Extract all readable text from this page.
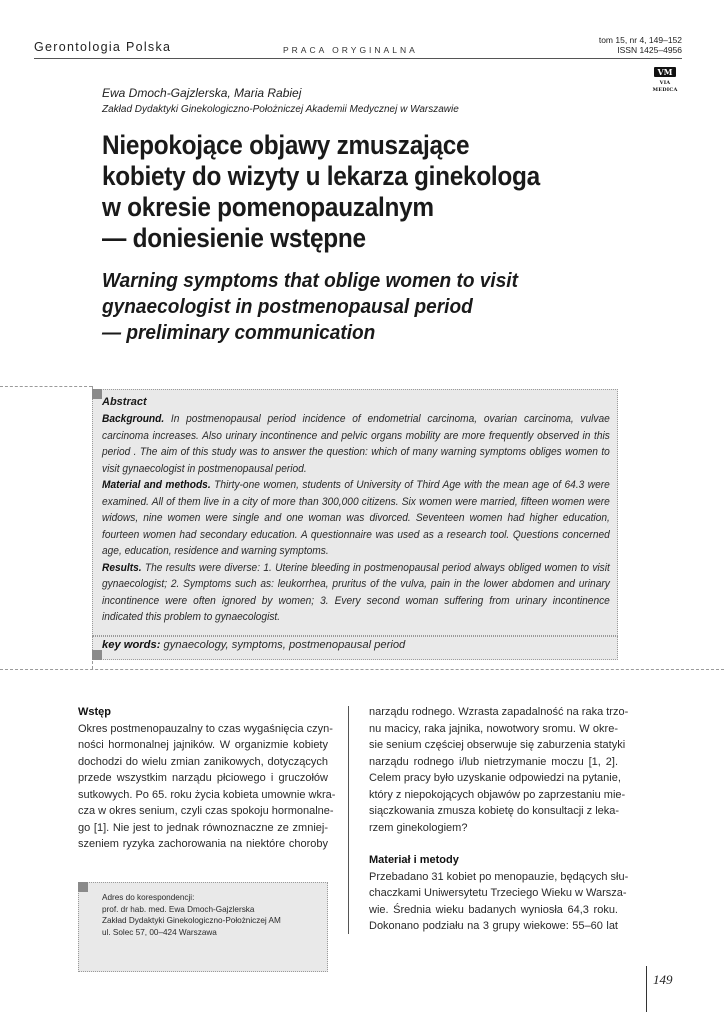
Gerontologia Polska	PRACA ORYGINALNA
tom 15, nr 4, 149–152
ISSN 1425–4956
VM
VIA MEDICA
Ewa Dmoch-Gajzlerska, Maria Rabiej
Zakład Dydaktyki Ginekologiczno-Położniczej Akademii Medycznej w Warszawie
Niepokojące objawy zmuszające
kobiety do wizyty u lekarza ginekologa
w okresie pomenopauzalnym
— doniesienie wstępne
Warning symptoms that oblige women to visit
gynaecologist in postmenopausal period
— preliminary communication
Abstract

Background. In postmenopausal period incidence of endometrial carcinoma, ovarian carcinoma, vulvae carcinoma increases. Also urinary incontinence and pelvic organs mobility are more frequently observed in this period . The aim of this study was to answer the question: which of many warning symptoms obliges women to visit gynaecologist in postmenopausal period.

Material and methods. Thirty-one women, students of University of Third Age with the mean age of 64.3 were examined. All of them live in a city of more than 300,000 citizens. Six women were married, fifteen women were widows, nine women were single and one woman was divorced. Seventeen women had higher education, fourteen women had secondary education. A questionnaire was used as a research tool. Questions concerned age, education, residence and warning symptoms.

Results. The results were diverse: 1. Uterine bleeding in postmenopausal period always obliged women to visit gynaecologist; 2. Symptoms such as: leukorrhea, pruritus of the vulva, pain in the lower abdomen and urinary incontinence were often ignored by women; 3. Every second woman suffering from urinary incontinence indicated this problem to gynaecologist.

key words: gynaecology, symptoms, postmenopausal period
Wstęp
Okres postmenopauzalny to czas wygaśnięcia czyn-
ności hormonalnej jajników. W organizmie kobiety
dochodzi do wielu zmian zanikowych, dotyczących
przede wszystkim narządu płciowego i gruczołów
sutkowych. Po 65. roku życia kobieta umownie wkra-
cza w okres senium, czyli czas spokoju hormonalne-
go [1]. Nie jest to jednak równoznaczne ze zmniej-
szeniem ryzyka zachorowania na niektóre choroby
narządu rodnego. Wzrasta zapadalność na raka trzo-
nu macicy, raka jajnika, nowotwory sromu. W okre-
sie senium częściej obserwuje się zaburzenia statyki
narządu rodnego i/lub nietrzymanie moczu [1, 2].
Celem pracy było uzyskanie odpowiedzi na pytanie,
który z niepokojących objawów po zaprzestaniu mie-
siączkowania zmusza kobietę do konsultacji z leka-
rzem ginekologiem?
Materiał i metody
Przebadano 31 kobiet po menopauzie, będących słu-
chaczkami Uniwersytetu Trzeciego Wieku w Warsza-
wie. Średnia wieku badanych wyniosła 64,3 roku.
Dokonano podziału na 3 grupy wiekowe: 55–60 lat
Adres do korespondencji:
prof. dr hab. med. Ewa Dmoch-Gajzlerska
Zakład Dydaktyki Ginekologiczno-Położniczej AM
ul. Solec 57, 00–424 Warszawa
149
